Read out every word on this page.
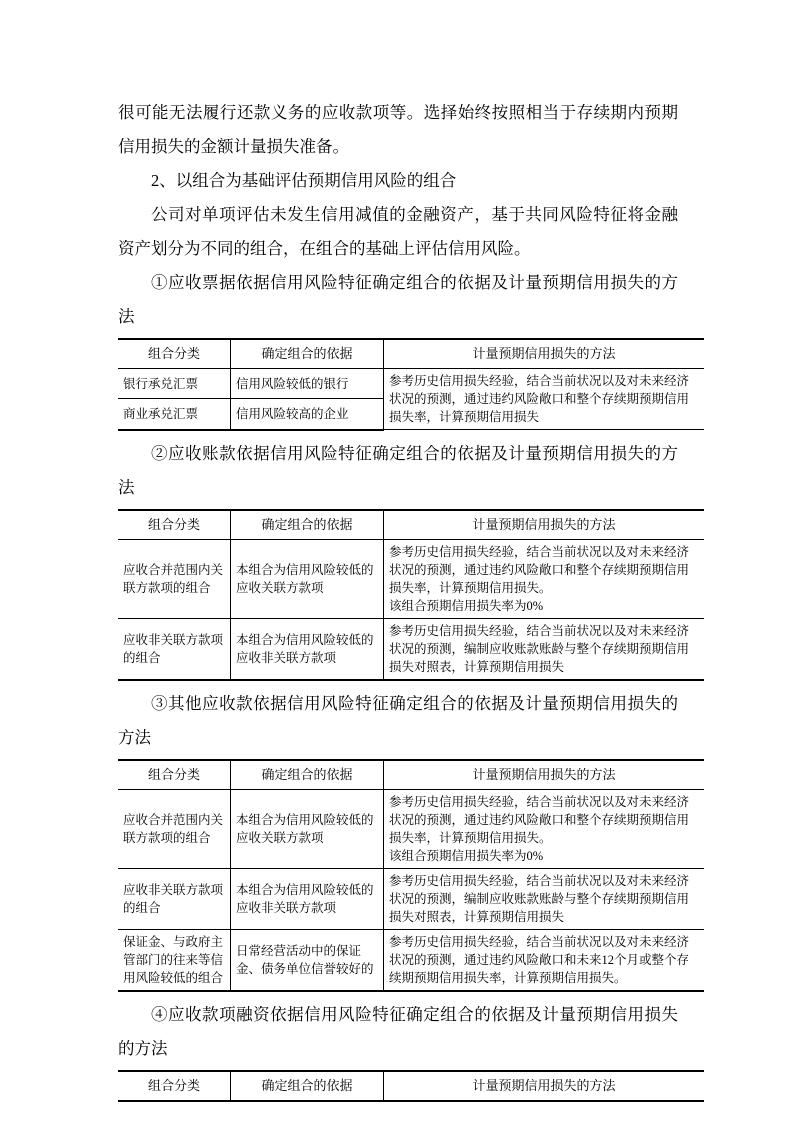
很可能无法履行还款义务的应收款项等。选择始终按照相当于存续期内预期信用损失的金额计量损失准备。

2、以组合为基础评估预期信用风险的组合

公司对单项评估未发生信用减值的金融资产，基于共同风险特征将金融资产划分为不同的组合，在组合的基础上评估信用风险。

①应收票据依据信用风险特征确定组合的依据及计量预期信用损失的方法

组合分类	确定组合的依据	计量预期信用损失的方法
银行承兑汇票	信用风险较低的银行	参考历史信用损失经验，结合当前状况以及对未来经济状况的预测，通过违约风险敞口和整个存续期预期信用损失率，计算预期信用损失
商业承兑汇票	信用风险较高的企业	

②应收账款依据信用风险特征确定组合的依据及计量预期信用损失的方法

组合分类	确定组合的依据	计量预期信用损失的方法
应收合并范围内关联方款项的组合	本组合为信用风险较低的应收关联方款项	参考历史信用损失经验，结合当前状况以及对未来经济状况的预测，通过违约风险敞口和整个存续期预期信用损失率，计算预期信用损失。
该组合预期信用损失率为0%

应收非关联方款项的组合	本组合为信用风险较低的应收非关联方款项	参考历史信用损失经验，结合当前状况以及对未来经济状况的预测，编制应收账款账龄与整个存续期预期信用损失对照表，计算预期信用损失

③其他应收款依据信用风险特征确定组合的依据及计量预期信用损失的方法

组合分类	确定组合的依据	计量预期信用损失的方法
应收合并范围内关联方款项的组合	本组合为信用风险较低的应收关联方款项	参考历史信用损失经验，结合当前状况以及对未来经济状况的预测，通过违约风险敞口和整个存续期预期信用损失率，计算预期信用损失。
该组合预期信用损失率为0%

应收非关联方款项的组合	本组合为信用风险较低的应收非关联方款项	参考历史信用损失经验，结合当前状况以及对未来经济状况的预测，编制应收账款账龄与整个存续期预期信用损失对照表，计算预期信用损失
保证金、与政府主管部门的往来等信用风险较低的组合	日常经营活动中的保证金、债务单位信誉较好的	参考历史信用损失经验，结合当前状况以及对未来经济状况的预测，通过违约风险敞口和未来12个月或整个存续期预期信用损失率，计算预期信用损失。

④应收款项融资依据信用风险特征确定组合的依据及计量预期信用损失的方法

组合分类	确定组合的依据	计量预期信用损失的方法
